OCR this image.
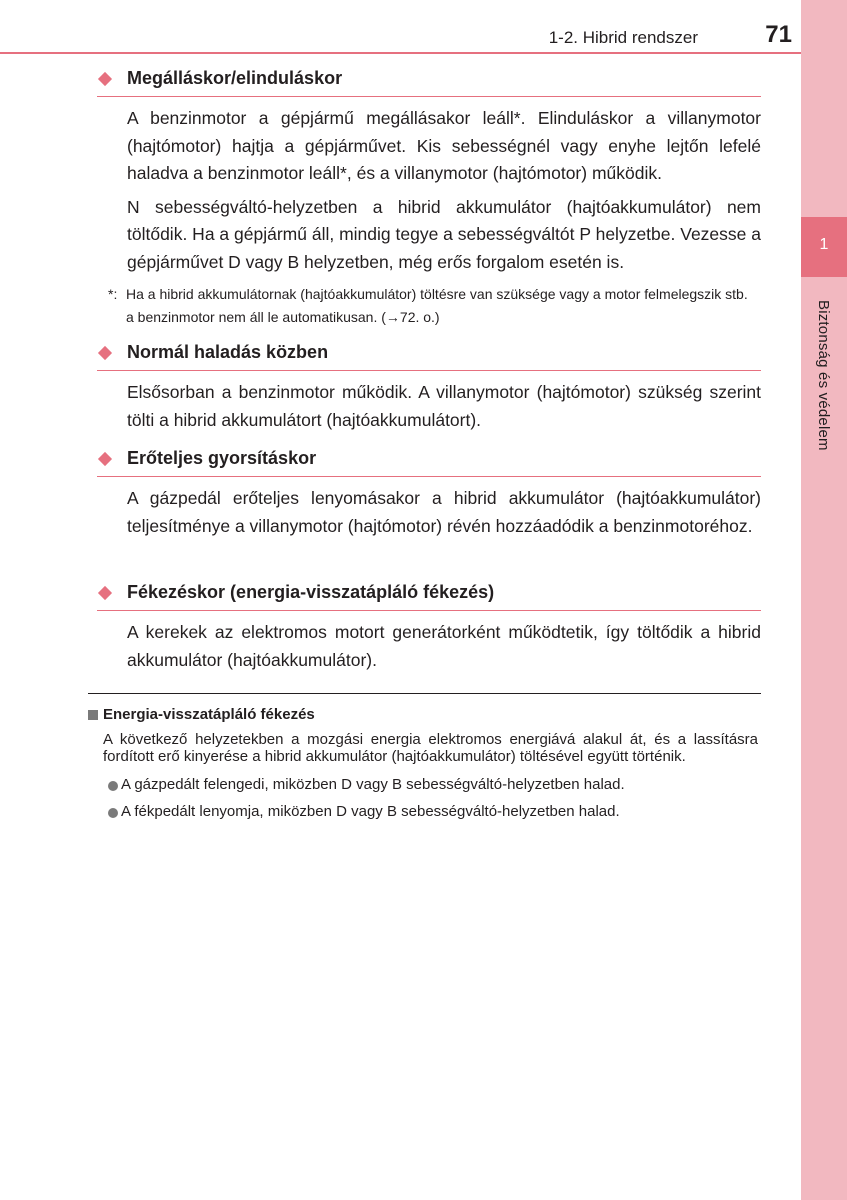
1
Biztonság és védelem
1-2. Hibrid rendszer	71
Megálláskor/elinduláskor

A benzinmotor a gépjármű megállásakor leáll*. Elinduláskor a villanymotor (hajtómotor) hajtja a gépjárművet. Kis sebességnél vagy enyhe lejtőn lefelé haladva a benzinmotor leáll*, és a villanymotor (hajtómotor) működik.

N sebességváltó-helyzetben a hibrid akkumulátor (hajtóakkumulátor) nem töltődik. Ha a gépjármű áll, mindig tegye a sebességváltót P helyzetbe. Vezesse a gépjárművet D vagy B helyzetben, még erős forgalom esetén is.

*: Ha a hibrid akkumulátornak (hajtóakkumulátor) töltésre van szüksége vagy a motor felmelegszik stb. a benzinmotor nem áll le automatikusan. (→72. o.)
Normál haladás közben

Elsősorban a benzinmotor működik. A villanymotor (hajtómotor) szükség szerint tölti a hibrid akkumulátort (hajtóakkumulátort).

Erőteljes gyorsításkor

A gázpedál erőteljes lenyomásakor a hibrid akkumulátor (hajtóakkumulátor) teljesítménye a villanymotor (hajtómotor) révén hozzáadódik a benzinmotoréhoz.

Fékezéskor (energia-visszatápláló fékezés)

A kerekek az elektromos motort generátorként működtetik, így töltődik a hibrid akkumulátor (hajtóakkumulátor).

Energia-visszatápláló fékezés
A következő helyzetekben a mozgási energia elektromos energiává alakul át, és a lassításra fordított erő kinyerése a hibrid akkumulátor (hajtóakkumulátor) töltésével együtt történik.
A gázpedált felengedi, miközben D vagy B sebességváltó-helyzetben halad.
A fékpedált lenyomja, miközben D vagy B sebességváltó-helyzetben halad.
